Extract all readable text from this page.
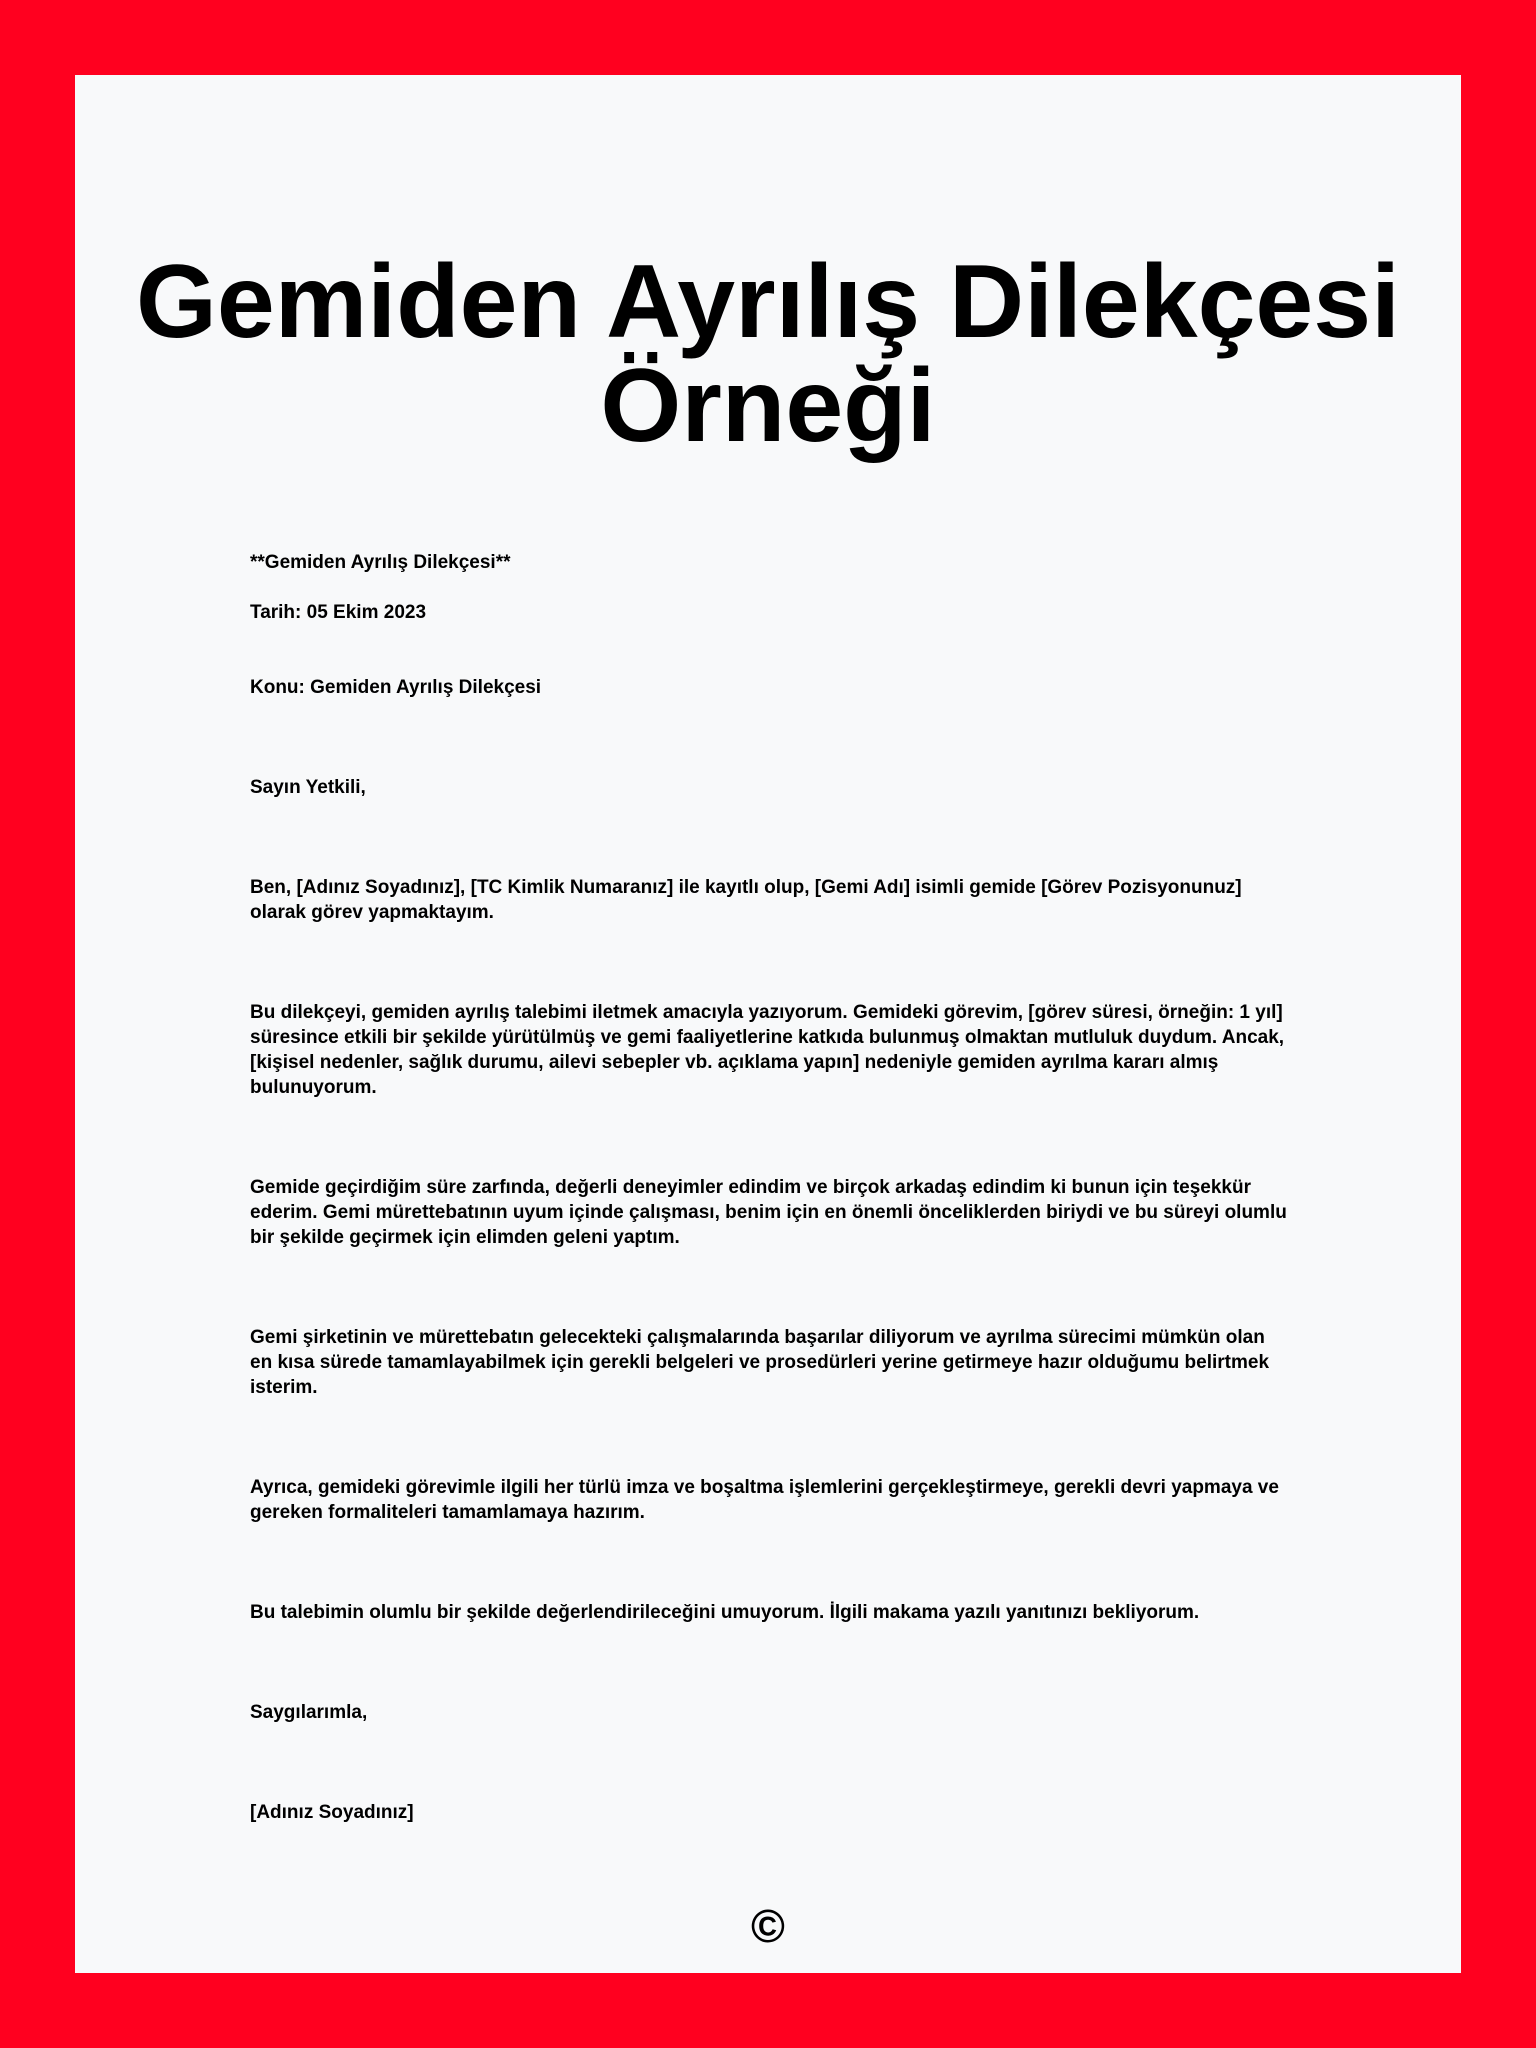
Gemiden Ayrılış Dilekçesi Örneği

**Gemiden Ayrılış Dilekçesi**

Tarih: 05 Ekim 2023

Konu: Gemiden Ayrılış Dilekçesi

Sayın Yetkili,

Ben, [Adınız Soyadınız], [TC Kimlik Numaranız] ile kayıtlı olup, [Gemi Adı] isimli gemide [Görev Pozisyonunuz] olarak görev yapmaktayım.

Bu dilekçeyi, gemiden ayrılış talebimi iletmek amacıyla yazıyorum. Gemideki görevim, [görev süresi, örneğin: 1 yıl] süresince etkili bir şekilde yürütülmüş ve gemi faaliyetlerine katkıda bulunmuş olmaktan mutluluk duydum. Ancak, [kişisel nedenler, sağlık durumu, ailevi sebepler vb. açıklama yapın] nedeniyle gemiden ayrılma kararı almış bulunuyorum.

Gemide geçirdiğim süre zarfında, değerli deneyimler edindim ve birçok arkadaş edindim ki bunun için teşekkür ederim. Gemi mürettebatının uyum içinde çalışması, benim için en önemli önceliklerden biriydi ve bu süreyi olumlu bir şekilde geçirmek için elimden geleni yaptım.

Gemi şirketinin ve mürettebatın gelecekteki çalışmalarında başarılar diliyorum ve ayrılma sürecimi mümkün olan en kısa sürede tamamlayabilmek için gerekli belgeleri ve prosedürleri yerine getirmeye hazır olduğumu belirtmek isterim.

Ayrıca, gemideki görevimle ilgili her türlü imza ve boşaltma işlemlerini gerçekleştirmeye, gerekli devri yapmaya ve gereken formaliteleri tamamlamaya hazırım.

Bu talebimin olumlu bir şekilde değerlendirileceğini umuyorum. İlgili makama yazılı yanıtınızı bekliyorum.

Saygılarımla,

[Adınız Soyadınız]

©
